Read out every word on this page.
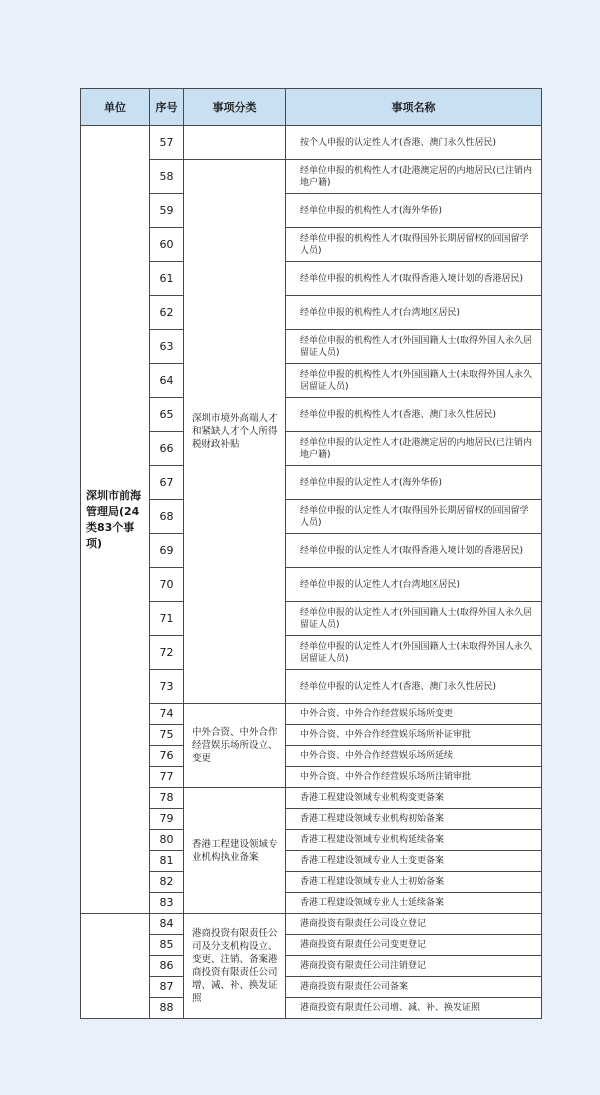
单位	序号	事项分类	事项名称
深圳市前海管理局(24类83个事项)	57		按个人申报的认定性人才(香港、澳门永久性居民)
	58	深圳市境外高端人才和紧缺人才个人所得税财政补贴	经单位申报的机构性人才(赴港澳定居的内地居民(已注销内地户籍)
	59		经单位申报的机构性人才(海外华侨)
	60		经单位申报的机构性人才(取得国外长期居留权的回国留学人员)
	61		经单位申报的机构性人才(取得香港入境计划的香港居民)
	62		经单位申报的机构性人才(台湾地区居民)
	63		经单位申报的机构性人才(外国国籍人士(取得外国人永久居留证人员)
	64		经单位申报的机构性人才(外国国籍人士(未取得外国人永久居留证人员)
	65		经单位申报的机构性人才(香港、澳门永久性居民)
	66		经单位申报的认定性人才(赴港澳定居的内地居民(已注销内地户籍)
	67		经单位申报的认定性人才(海外华侨)
	68		经单位申报的认定性人才(取得国外长期居留权的回国留学人员)
	69		经单位申报的认定性人才(取得香港入境计划的香港居民)
	70		经单位申报的认定性人才(台湾地区居民)
	71		经单位申报的认定性人才(外国国籍人士(取得外国人永久居留证人员)
	72		经单位申报的认定性人才(外国国籍人士(未取得外国人永久居留证人员)
	73		经单位申报的认定性人才(香港、澳门永久性居民)
	74	中外合资、中外合作经营娱乐场所设立、变更	中外合资、中外合作经营娱乐场所变更
	75		中外合资、中外合作经营娱乐场所补证审批
	76		中外合资、中外合作经营娱乐场所延续
	77		中外合资、中外合作经营娱乐场所注销审批
	78	香港工程建设领域专业机构执业备案	香港工程建设领域专业机构变更备案
	79		香港工程建设领域专业机构初始备案
	80		香港工程建设领域专业机构延续备案
	81		香港工程建设领域专业人士变更备案
	82		香港工程建设领域专业人士初始备案
	83		香港工程建设领域专业人士延续备案
	84	港商投资有限责任公司及分支机构设立、变更、注销、备案港商投资有限责任公司增、减、补、换发证照	港商投资有限责任公司设立登记
	85		港商投资有限责任公司变更登记
	86		港商投资有限责任公司注销登记
	87		港商投资有限责任公司备案
	88		港商投资有限责任公司增、减、补、换发证照
